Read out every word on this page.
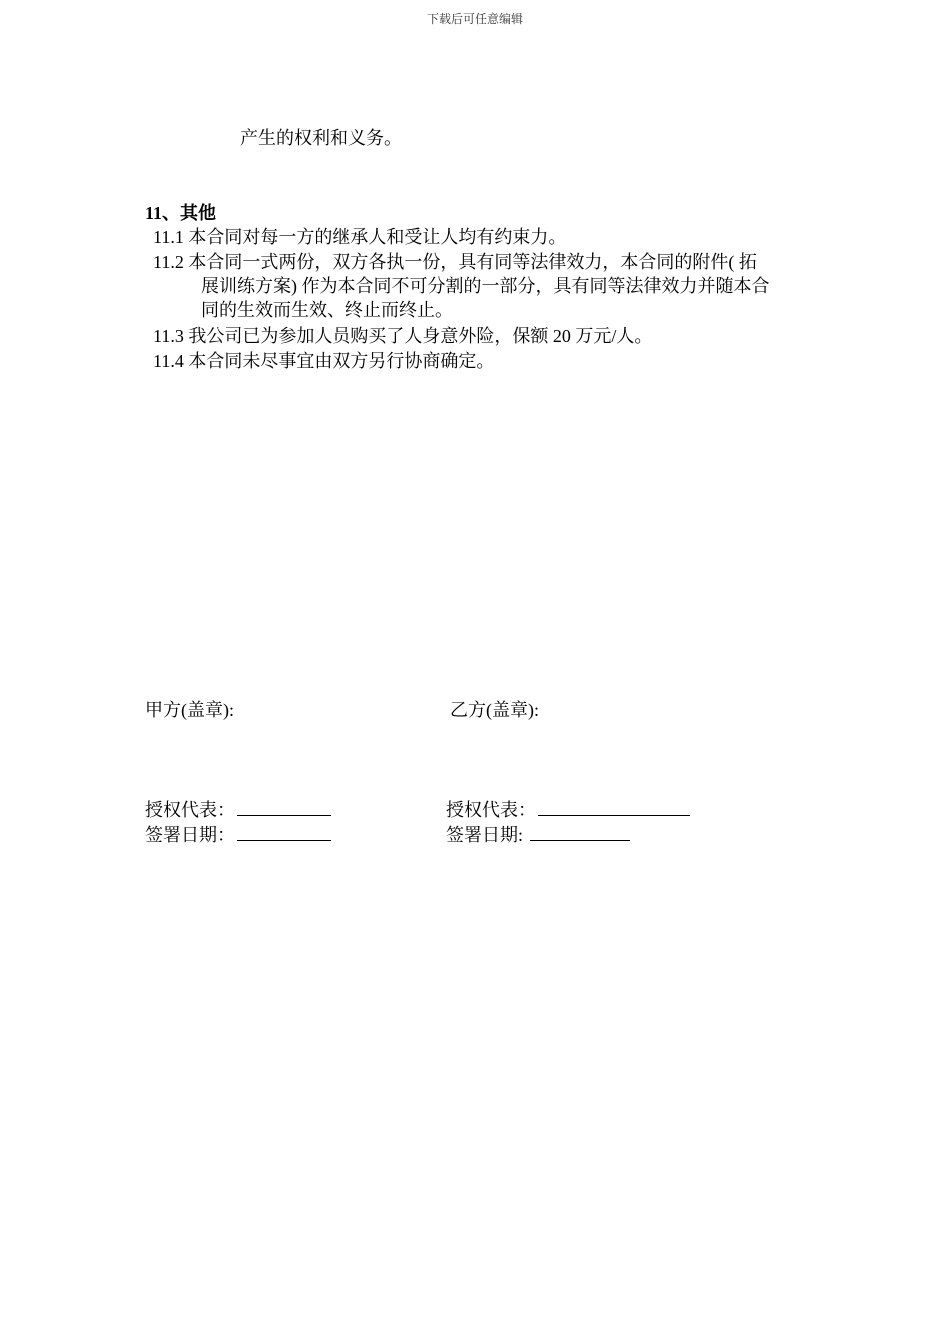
下载后可任意编辑
产生的权利和义务。
11、其他
11.1 本合同对每一方的继承人和受让人均有约束力。
11.2 本合同一式两份，双方各执一份，具有同等法律效力，本合同的附件( 拓
展训练方案) 作为本合同不可分割的一部分，具有同等法律效力并随本合
同的生效而生效、终止而终止。
11.3 我公司已为参加人员购买了人身意外险，保额 20 万元/人。
11.4 本合同未尽事宜由双方另行协商确定。
甲方(盖章):	乙方(盖章):
授权代表：
签署日期：
授权代表：
签署日期:
